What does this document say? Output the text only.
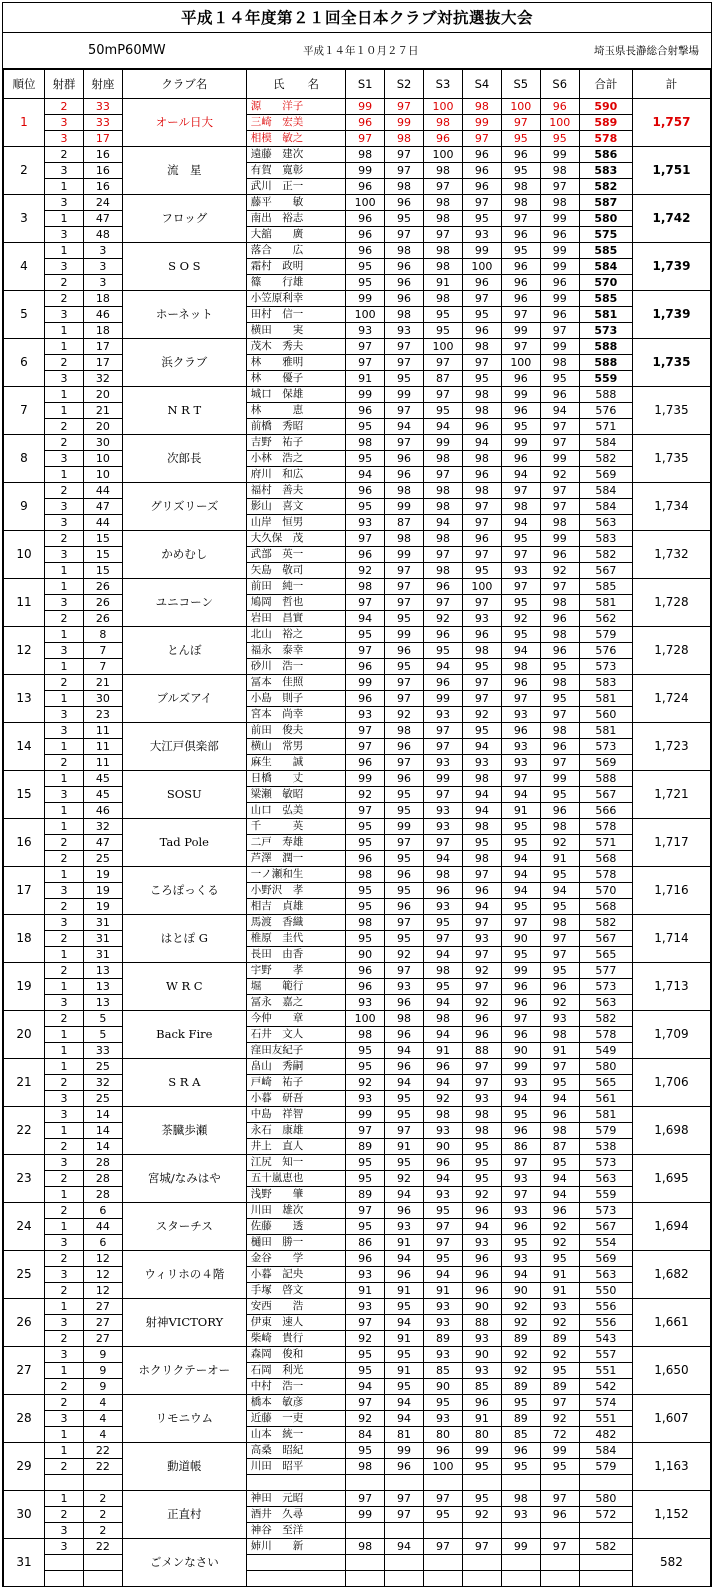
平成１４年度第２１回全日本クラブ対抗選抜大会
50mP60MW	平成１４年１０月２７日	埼玉県長瀞総合射撃場
順位	射群	射座	クラブ名	氏　　名	S1	S2	S3	S4	S5	S6	合計	計
1	2	33	オール日大	源　　洋子	99	97	100	98	100	96	590	1,757
	3	33		三崎　宏美	96	99	98	99	97	100	589	
	3	17		相模　敏之	97	98	96	97	95	95	578	
2	2	16	流　星	遠藤　建次	98	97	100	96	96	99	586	1,751
	3	16		有賀　寛彰	99	97	98	96	95	98	583	
	1	16		武川　正一	96	98	97	96	98	97	582	
3	3	24	フロッグ	藤平　　敏	100	96	98	97	98	98	587	1,742
	1	47		南出　裕志	96	95	98	95	97	99	580	
	3	48		大舘　　廣	96	97	97	93	96	96	575	
4	1	3	S O S	落合　　広	96	98	98	99	95	99	585	1,739
	3	3		霜村　政明	95	96	98	100	96	99	584	
	2	3		篠　　行雄	95	96	91	96	96	96	570	
5	2	18	ホーネット	小笠原利幸	99	96	98	97	96	99	585	1,739
	3	46		田村　信一	100	98	95	95	97	96	581	
	1	18		横田　　実	93	93	95	96	99	97	573	
6	1	17	浜クラブ	茂木　秀夫	97	97	100	98	97	99	588	1,735
	2	17		林　　雅明	97	97	97	97	100	98	588	
	3	32		林　　優子	91	95	87	95	96	95	559	
7	1	20	N R T	城口　保雄	99	99	97	98	99	96	588	1,735
	1	21		林　　　恵	96	97	95	98	96	94	576	
	2	20		前橋　秀昭	95	94	94	96	95	97	571	
8	2	30	次郎長	吉野　祐子	98	97	99	94	99	97	584	1,735
	3	10		小林　浩之	95	96	98	98	96	99	582	
	1	10		府川　和広	94	96	97	96	94	92	569	
9	2	44	グリズリーズ	福村　善夫	96	98	98	98	97	97	584	1,734
	3	47		影山　喜文	95	99	98	97	98	97	584	
	3	44		山岸　恒男	93	87	94	97	94	98	563	
10	2	15	かめむし	大久保　茂	97	98	98	96	95	99	583	1,732
	3	15		武部　英一	96	99	97	97	97	96	582	
	1	15		矢島　敬司	92	97	98	95	93	92	567	
11	1	26	ユニコーン	前田　純一	98	97	96	100	97	97	585	1,728
	3	26		鳩岡　哲也	97	97	97	97	95	98	581	
	2	26		岩田　昌實	94	95	92	93	92	96	562	
12	1	8	とんぼ	北山　裕之	95	99	96	96	95	98	579	1,728
	3	7		福永　泰幸	97	96	95	98	94	96	576	
	1	7		砂川　浩一	96	95	94	95	98	95	573	
13	2	21	ブルズアイ	冨本　佳照	99	97	96	97	96	98	583	1,724
	1	30		小島　則子	96	97	99	97	97	95	581	
	3	23		宮本　尚幸	93	92	93	92	93	97	560	
14	3	11	大江戸倶楽部	前田　俊夫	97	98	97	95	96	98	581	1,723
	1	11		横山　常男	97	96	97	94	93	96	573	
	2	11		麻生　　誠	96	97	93	93	93	97	569	
15	1	45	SOSU	日橋　　丈	99	96	99	98	97	99	588	1,721
	3	45		梁瀬　敏昭	92	95	97	94	94	95	567	
	1	46		山口　弘美	97	95	93	94	91	96	566	
16	1	32	Tad Pole	千　　　英	95	99	93	98	95	98	578	1,717
	2	47		二戸　寿雄	95	97	97	95	95	92	571	
	2	25		芦澤　潤一	96	95	94	98	94	91	568	
17	1	19	ころぽっくる	一ノ瀬和生	98	96	98	97	94	95	578	1,716
	3	19		小野沢　孝	95	95	96	96	94	94	570	
	2	19		相吉　貞雄	95	96	93	94	95	95	568	
18	3	31	はとぽ G	馬渡　香織	98	97	95	97	97	98	582	1,714
	2	31		椎原　圭代	95	95	97	93	90	97	567	
	1	31		長田　由香	90	92	94	97	95	97	565	
19	2	13	W R C	宇野　　孝	96	97	98	92	99	95	577	1,713
	1	13		堀　　範行	96	93	95	97	96	96	573	
	3	13		冨永　嘉之	93	96	94	92	96	92	563	
20	2	5	Back Fire	今仲　　章	100	98	98	96	97	93	582	1,709
	1	5		石井　文人	98	96	94	96	96	98	578	
	1	33		窪田友紀子	95	94	91	88	90	91	549	
21	1	25	S R A	畠山　秀嗣	95	96	96	97	99	97	580	1,706
	2	32		戸崎　祐子	92	94	94	97	93	95	565	
	3	25		小暮　研吾	93	95	92	93	94	94	561	
22	3	14	茶臓歩瀬	中島　祥智	99	95	98	98	95	96	581	1,698
	1	14		永石　康雄	97	97	93	98	96	98	579	
	2	14		井上　直人	89	91	90	95	86	87	538	
23	3	28	宮城/なみはや	江尻　知一	95	95	96	95	97	95	573	1,695
	2	28		五十嵐恵也	95	92	94	95	93	94	563	
	1	28		浅野　　肇	89	94	93	92	97	94	559	
24	2	6	スターチス	川田　雄次	97	96	95	96	93	96	573	1,694
	1	44		佐藤　　透	95	93	97	94	96	92	567	
	3	6		樋田　勝一	86	91	97	93	95	92	554	
25	2	12	ウィリホの４階	金谷　　学	96	94	95	96	93	95	569	1,682
	3	12		小暮　記央	93	96	94	96	94	91	563	
	2	12		手塚　啓文	91	91	91	96	90	91	550	
26	1	27	射神VICTORY	安西　　浩	93	95	93	90	92	93	556	1,661
	3	27		伊東　速人	97	94	93	88	92	92	556	
	2	27		柴崎　貴行	92	91	89	93	89	89	543	
27	3	9	ホクリクテーオー	森岡　俊和	95	95	93	90	92	92	557	1,650
	1	9		石岡　利光	95	91	85	93	92	95	551	
	2	9		中村　浩一	94	95	90	85	89	89	542	
28	2	4	リモニウム	橋本　敏彦	97	94	95	96	95	97	574	1,607
	3	4		近藤　一吏	92	94	93	91	89	92	551	
	1	4		山本　統一	84	81	80	80	85	72	482	
29	1	22	動道帳	高桑　昭紀	95	99	96	99	96	99	584	1,163
	2	22		川田　昭平	98	96	100	95	95	95	579	

30	1	2	正直村	神田　元昭	97	97	97	95	98	97	580	1,152
	2	2		酒井　久尋	99	97	95	92	93	96	572	
	3	2		神谷　至洋								
31	3	22	ごメンなさい	姉川　　新	98	94	97	97	99	97	582	582
